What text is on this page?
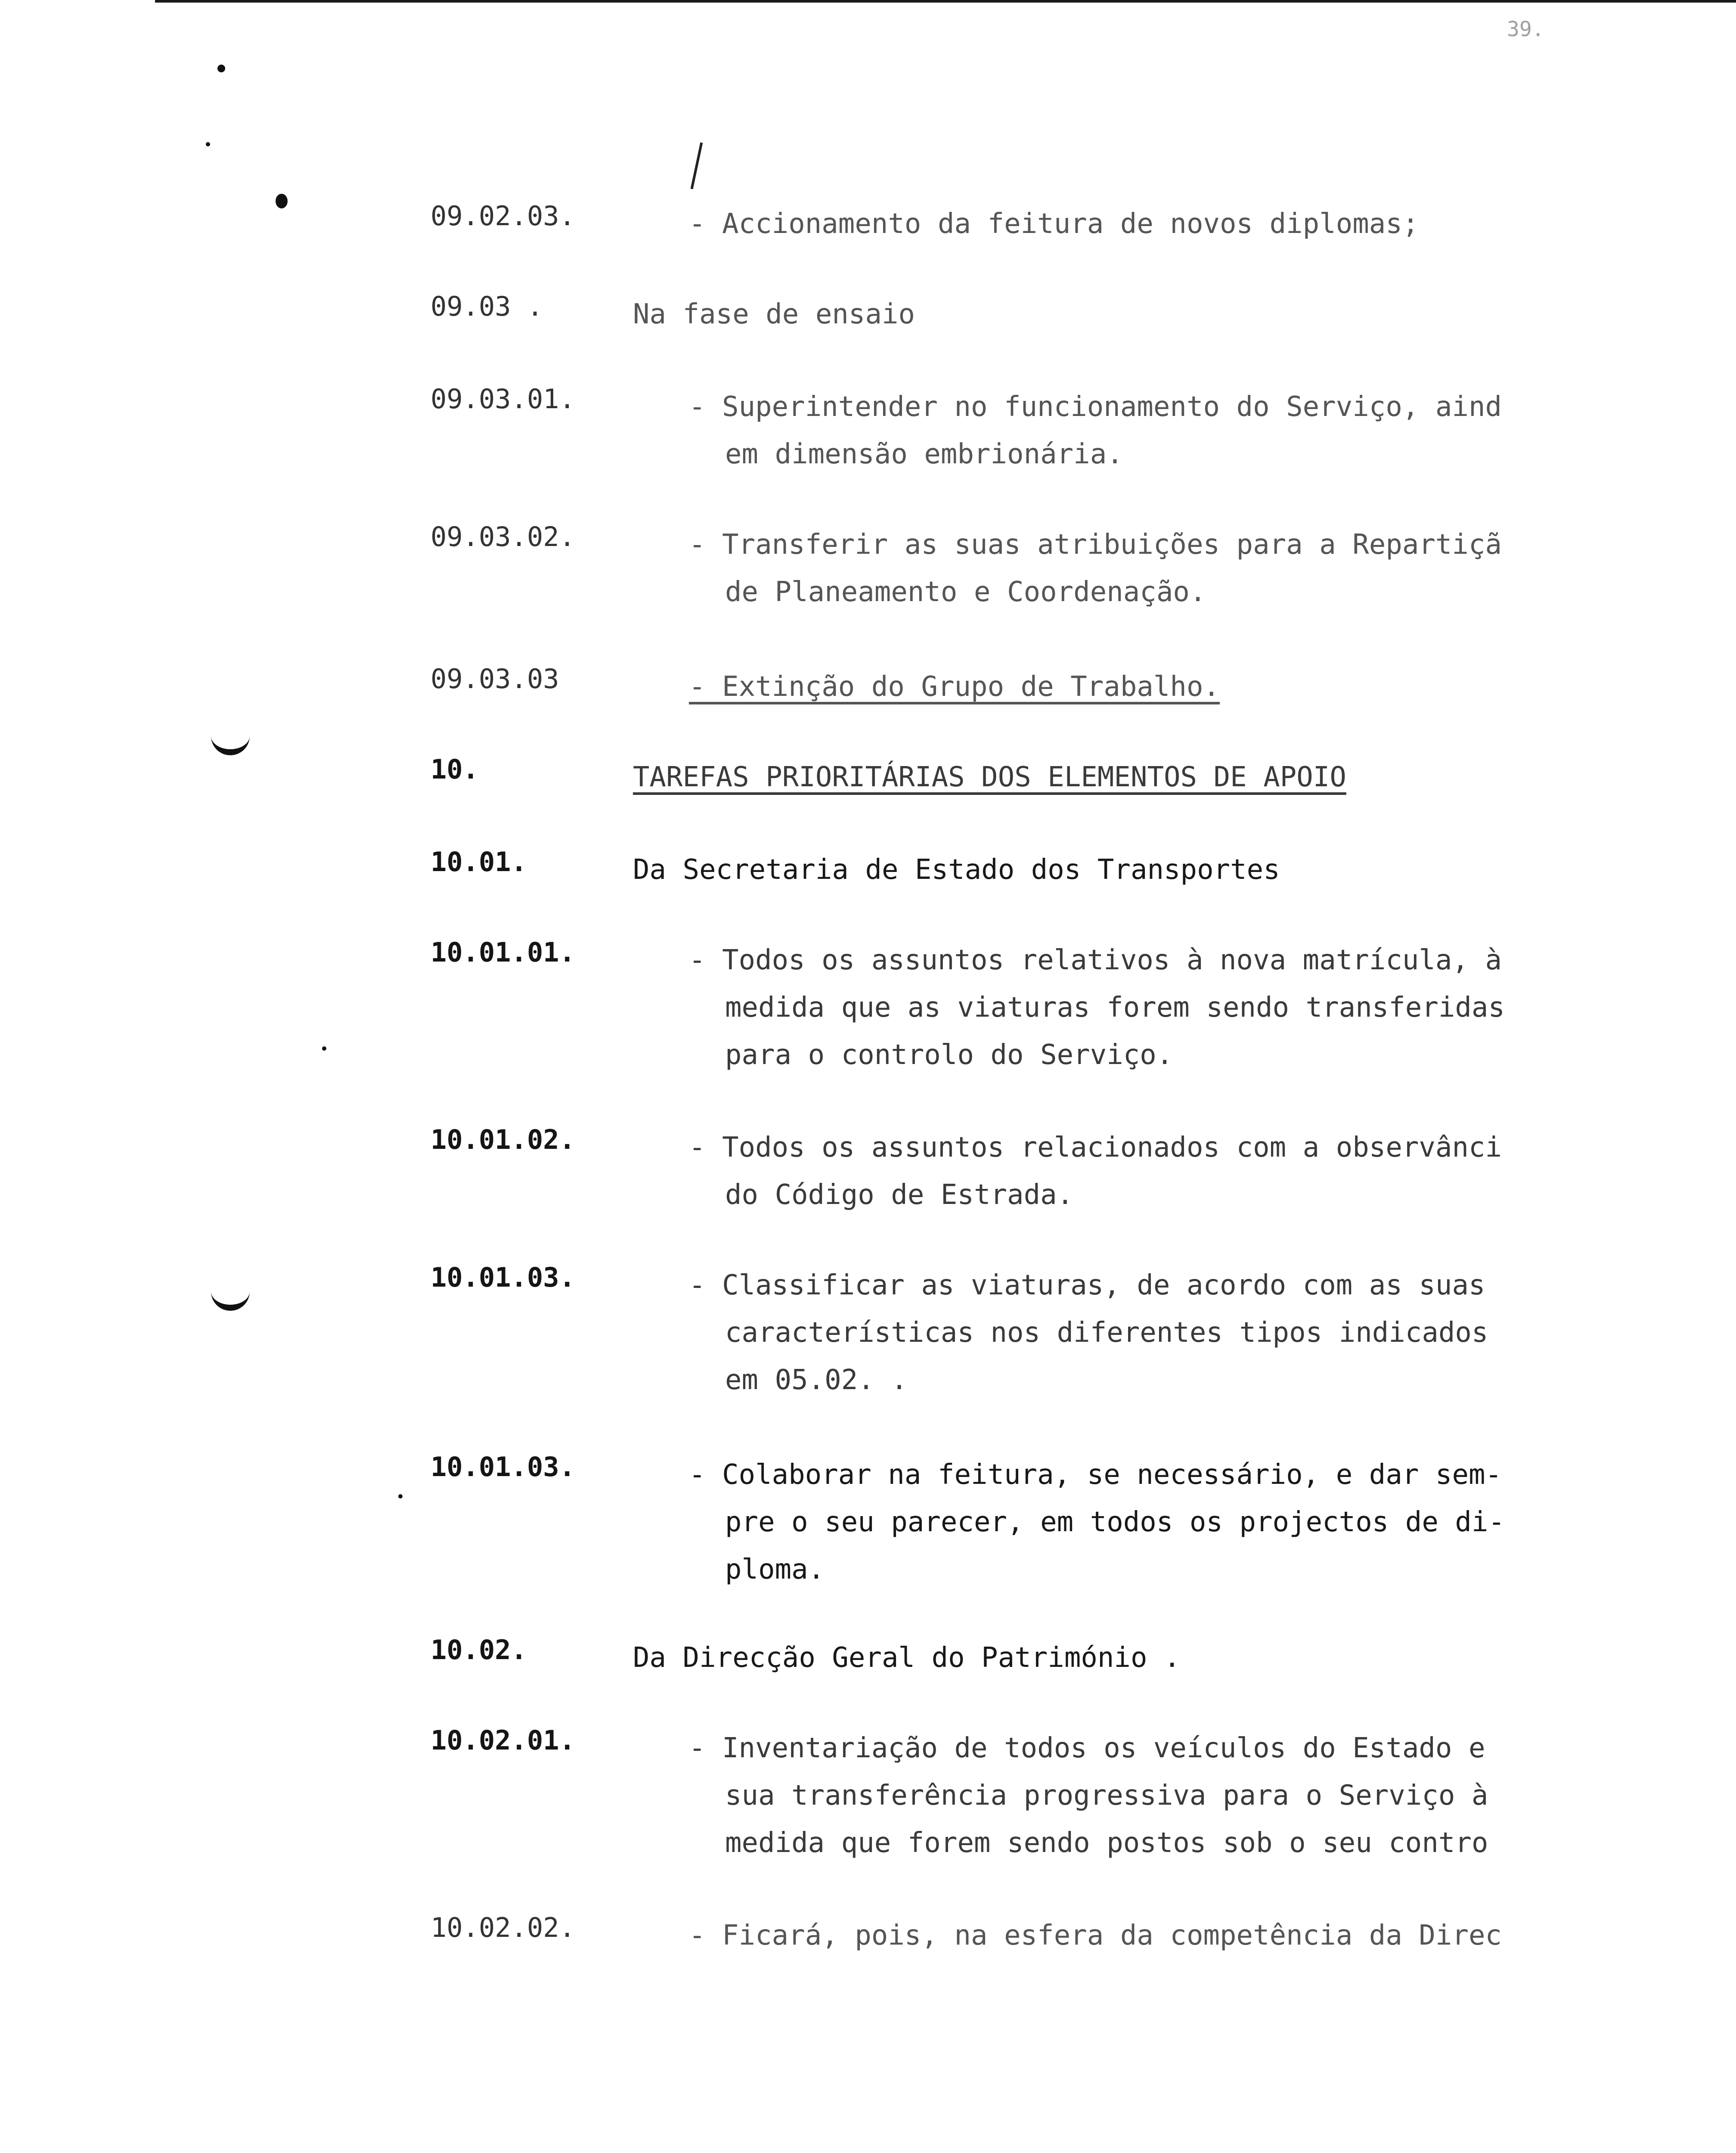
39.
09.02.03.	- Accionamento da feitura de novos diplomas;
09.03 .	Na fase de ensaio
09.03.01.	- Superintender no funcionamento do Serviço, aind
em dimensão embrionária.
09.03.02.	- Transferir as suas atribuições para a Repartiçã
de Planeamento e Coordenação.
09.03.03	- Extinção do Grupo de Trabalho.
10.	TAREFAS PRIORITÁRIAS DOS ELEMENTOS DE APOIO
10.01.	Da Secretaria de Estado dos Transportes
10.01.01.	- Todos os assuntos relativos à nova matrícula, à
medida que as viaturas forem sendo transferidas
para o controlo do Serviço.
10.01.02.	- Todos os assuntos relacionados com a observânci
do Código de Estrada.
10.01.03.	- Classificar as viaturas, de acordo com as suas
características nos diferentes tipos indicados
em 05.02. .
10.01.03.	- Colaborar na feitura, se necessário, e dar sem-
pre o seu parecer, em todos os projectos de di-
ploma.
10.02.	Da Direcção Geral do Património .
10.02.01.	- Inventariação de todos os veículos do Estado e
sua transferência progressiva para o Serviço à
medida que forem sendo postos sob o seu contro
10.02.02.	- Ficará, pois, na esfera da competência da Direc
